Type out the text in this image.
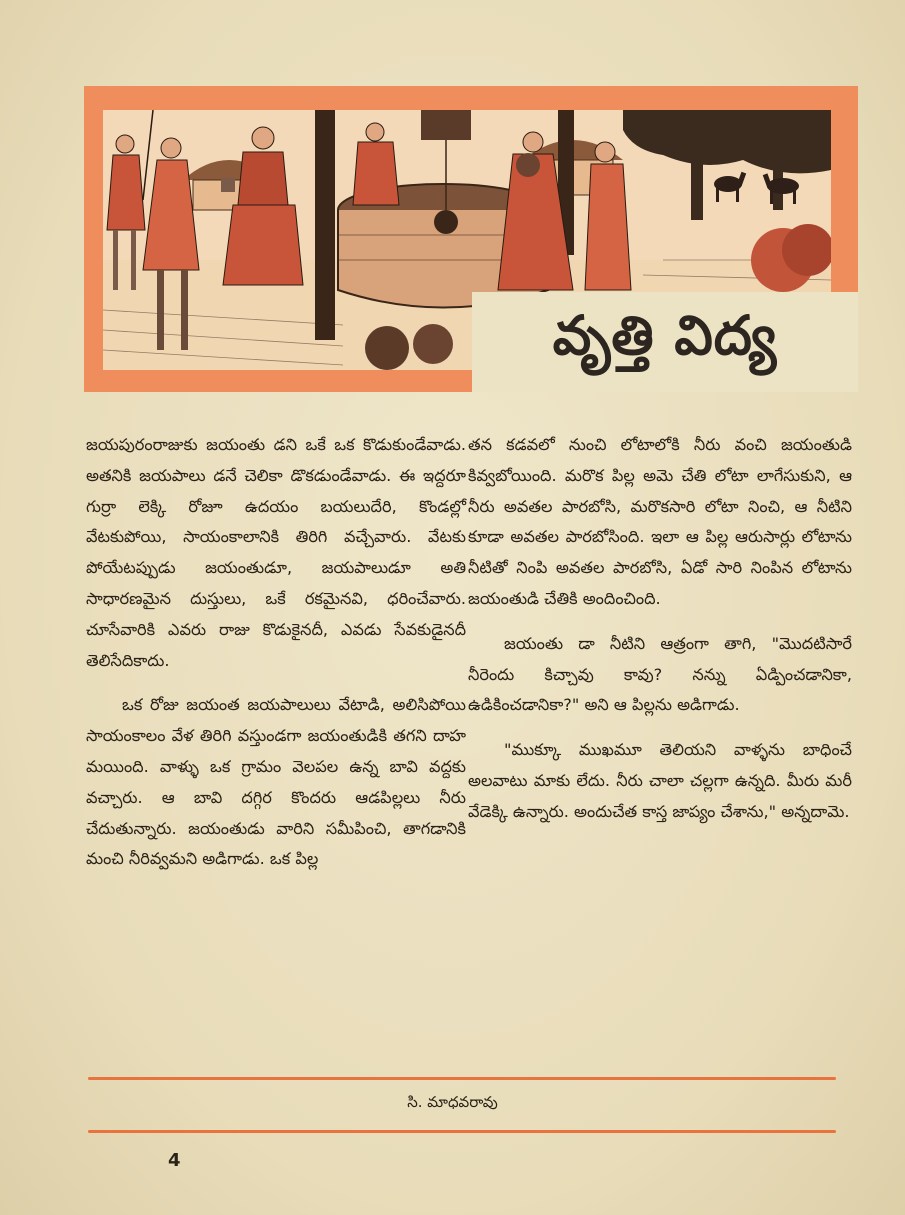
వృత్తి విద్య

జయపురంరాజుకు జయంతు డని ఒకే ఒక కొడుకుండేవాడు. అతనికి జయపాలు డనే చెలికా డొకడుండేవాడు. ఈ ఇద్దరూ గుర్రా లెక్కి రోజూ ఉదయం బయలుదేరి, కొండల్లో వేటకుపోయి, సాయంకాలానికి తిరిగి వచ్చేవారు. వేటకు పోయేటప్పుడు జయంతుడూ, జయపాలుడూ అతి సాధారణమైన దుస్తులు, ఒకే రకమైనవి, ధరించేవారు. చూసేవారికి ఎవరు రాజు కొడుకైనదీ, ఎవడు సేవకుడైనదీ తెలిసేదికాదు.

ఒక రోజు జయంత జయపాలులు వేటాడి, అలిసిపోయి సాయంకాలం వేళ తిరిగి వస్తుండగా జయంతుడికి తగని దాహ మయింది. వాళ్ళు ఒక గ్రామం వెలపల ఉన్న బావి వద్దకు వచ్చారు. ఆ బావి దగ్గిర కొందరు ఆడపిల్లలు నీరు చేదుతున్నారు. జయంతుడు వారిని సమీపించి, తాగడానికి మంచి నీరివ్వమని అడిగాడు. ఒక పిల్ల

తన కడవలో నుంచి లోటాలోకి నీరు వంచి జయంతుడి కివ్వబోయింది. మరొక పిల్ల అమె చేతి లోటా లాగేసుకుని, ఆ నీరు అవతల పారబోసి, మరొకసారి లోటా నించి, ఆ నీటిని కూడా అవతల పారబోసింది. ఇలా ఆ పిల్ల ఆరుసార్లు లోటాను నీటితో నింపి అవతల పారబోసి, ఏడో సారి నింపిన లోటాను జయంతుడి చేతికి అందించింది.

జయంతు డా నీటిని ఆత్రంగా తాగి, "మొదటిసారే నీరెందు కిచ్చావు కావు? నన్ను ఏడ్పించడానికా, ఉడికించడానికా?" అని ఆ పిల్లను అడిగాడు.

"ముక్కూ ముఖమూ తెలియని వాళ్ళను బాధించే అలవాటు మాకు లేదు. నీరు చాలా చల్లగా ఉన్నది. మీరు మరీ వేడెక్కి ఉన్నారు. అందుచేత కాస్త జాప్యం చేశాను," అన్నదామె.

సి. మాధవరావు
4
